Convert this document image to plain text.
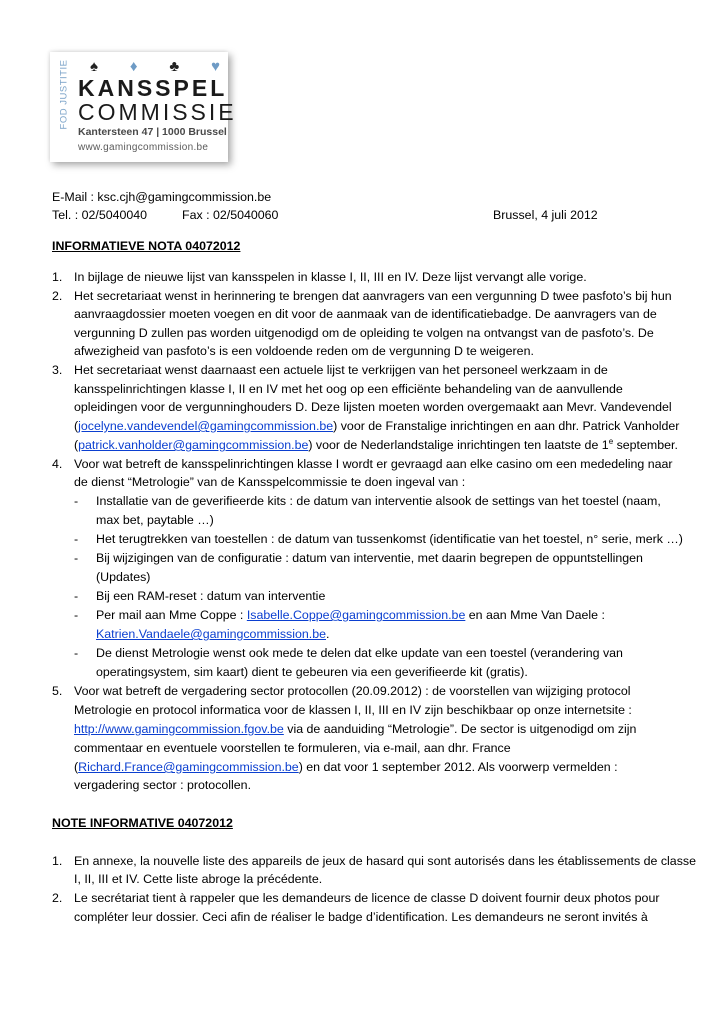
FOD JUSTITIE ♠ ♦ ♣ ♥
KANSSPEL
COMMISSIE
Kantersteen 47 | 1000 Brussel
www.gamingcommission.be
E-Mail : ksc.cjh@gamingcommission.be
Tel. : 02/5040040	Fax : 02/5040060	Brussel, 4 juli 2012
INFORMATIEVE NOTA 04072012
1. In bijlage de nieuwe lijst van kansspelen in klasse I, II, III en IV. Deze lijst vervangt alle vorige.
2. Het secretariaat wenst in herinnering te brengen dat aanvragers van een vergunning D twee pasfoto’s bij hun
aanvraagdossier moeten voegen en dit voor de aanmaak van de identificatiebadge. De aanvragers van de
vergunning D zullen pas worden uitgenodigd om de opleiding te volgen na ontvangst van de pasfoto’s. De
afwezigheid van pasfoto’s is een voldoende reden om de vergunning D te weigeren.
3. Het secretariaat wenst daarnaast een actuele lijst te verkrijgen van het personeel werkzaam in de
kansspelinrichtingen klasse I, II en IV met het oog op een efficiënte behandeling van de aanvullende
opleidingen voor de vergunninghouders D. Deze lijsten moeten worden overgemaakt aan Mevr. Vandevendel
(jocelyne.vandevendel@gamingcommission.be) voor de Franstalige inrichtingen en aan dhr. Patrick Vanholder
(patrick.vanholder@gamingcommission.be) voor de Nederlandstalige inrichtingen ten laatste de 1e september.
4. Voor wat betreft de kansspelinrichtingen klasse I wordt er gevraagd aan elke casino om een mededeling naar
de dienst “Metrologie” van de Kansspelcommissie te doen ingeval van :
- Installatie van de geverifieerde kits : de datum van interventie alsook de settings van het toestel (naam,
max bet, paytable …)
- Het terugtrekken van toestellen : de datum van tussenkomst (identificatie van het toestel, n° serie, merk …)
- Bij wijzigingen van de configuratie : datum van interventie, met daarin begrepen de oppuntstellingen
(Updates)
- Bij een RAM-reset : datum van interventie
- Per mail aan Mme Coppe : Isabelle.Coppe@gamingcommission.be en aan Mme Van Daele :
Katrien.Vandaele@gamingcommission.be.
- De dienst Metrologie wenst ook mede te delen dat elke update van een toestel (verandering van
operatingsystem, sim kaart) dient te gebeuren via een geverifieerde kit (gratis).
5. Voor wat betreft de vergadering sector protocollen (20.09.2012) : de voorstellen van wijziging protocol
Metrologie en protocol informatica voor de klassen I, II, III en IV zijn beschikbaar op onze internetsite :
http://www.gamingcommission.fgov.be via de aanduiding “Metrologie”. De sector is uitgenodigd om zijn
commentaar en eventuele voorstellen te formuleren, via e-mail, aan dhr. France
(Richard.France@gamingcommission.be) en dat voor 1 september 2012. Als voorwerp vermelden :
vergadering sector : protocollen.
NOTE INFORMATIVE 04072012
1. En annexe, la nouvelle liste des appareils de jeux de hasard qui sont autorisés dans les établissements de classe
I, II, III et IV. Cette liste abroge la précédente.
2. Le secrétariat tient à rappeler que les demandeurs de licence de classe D doivent fournir deux photos pour
compléter leur dossier. Ceci afin de réaliser le badge d’identification. Les demandeurs ne seront invités à
